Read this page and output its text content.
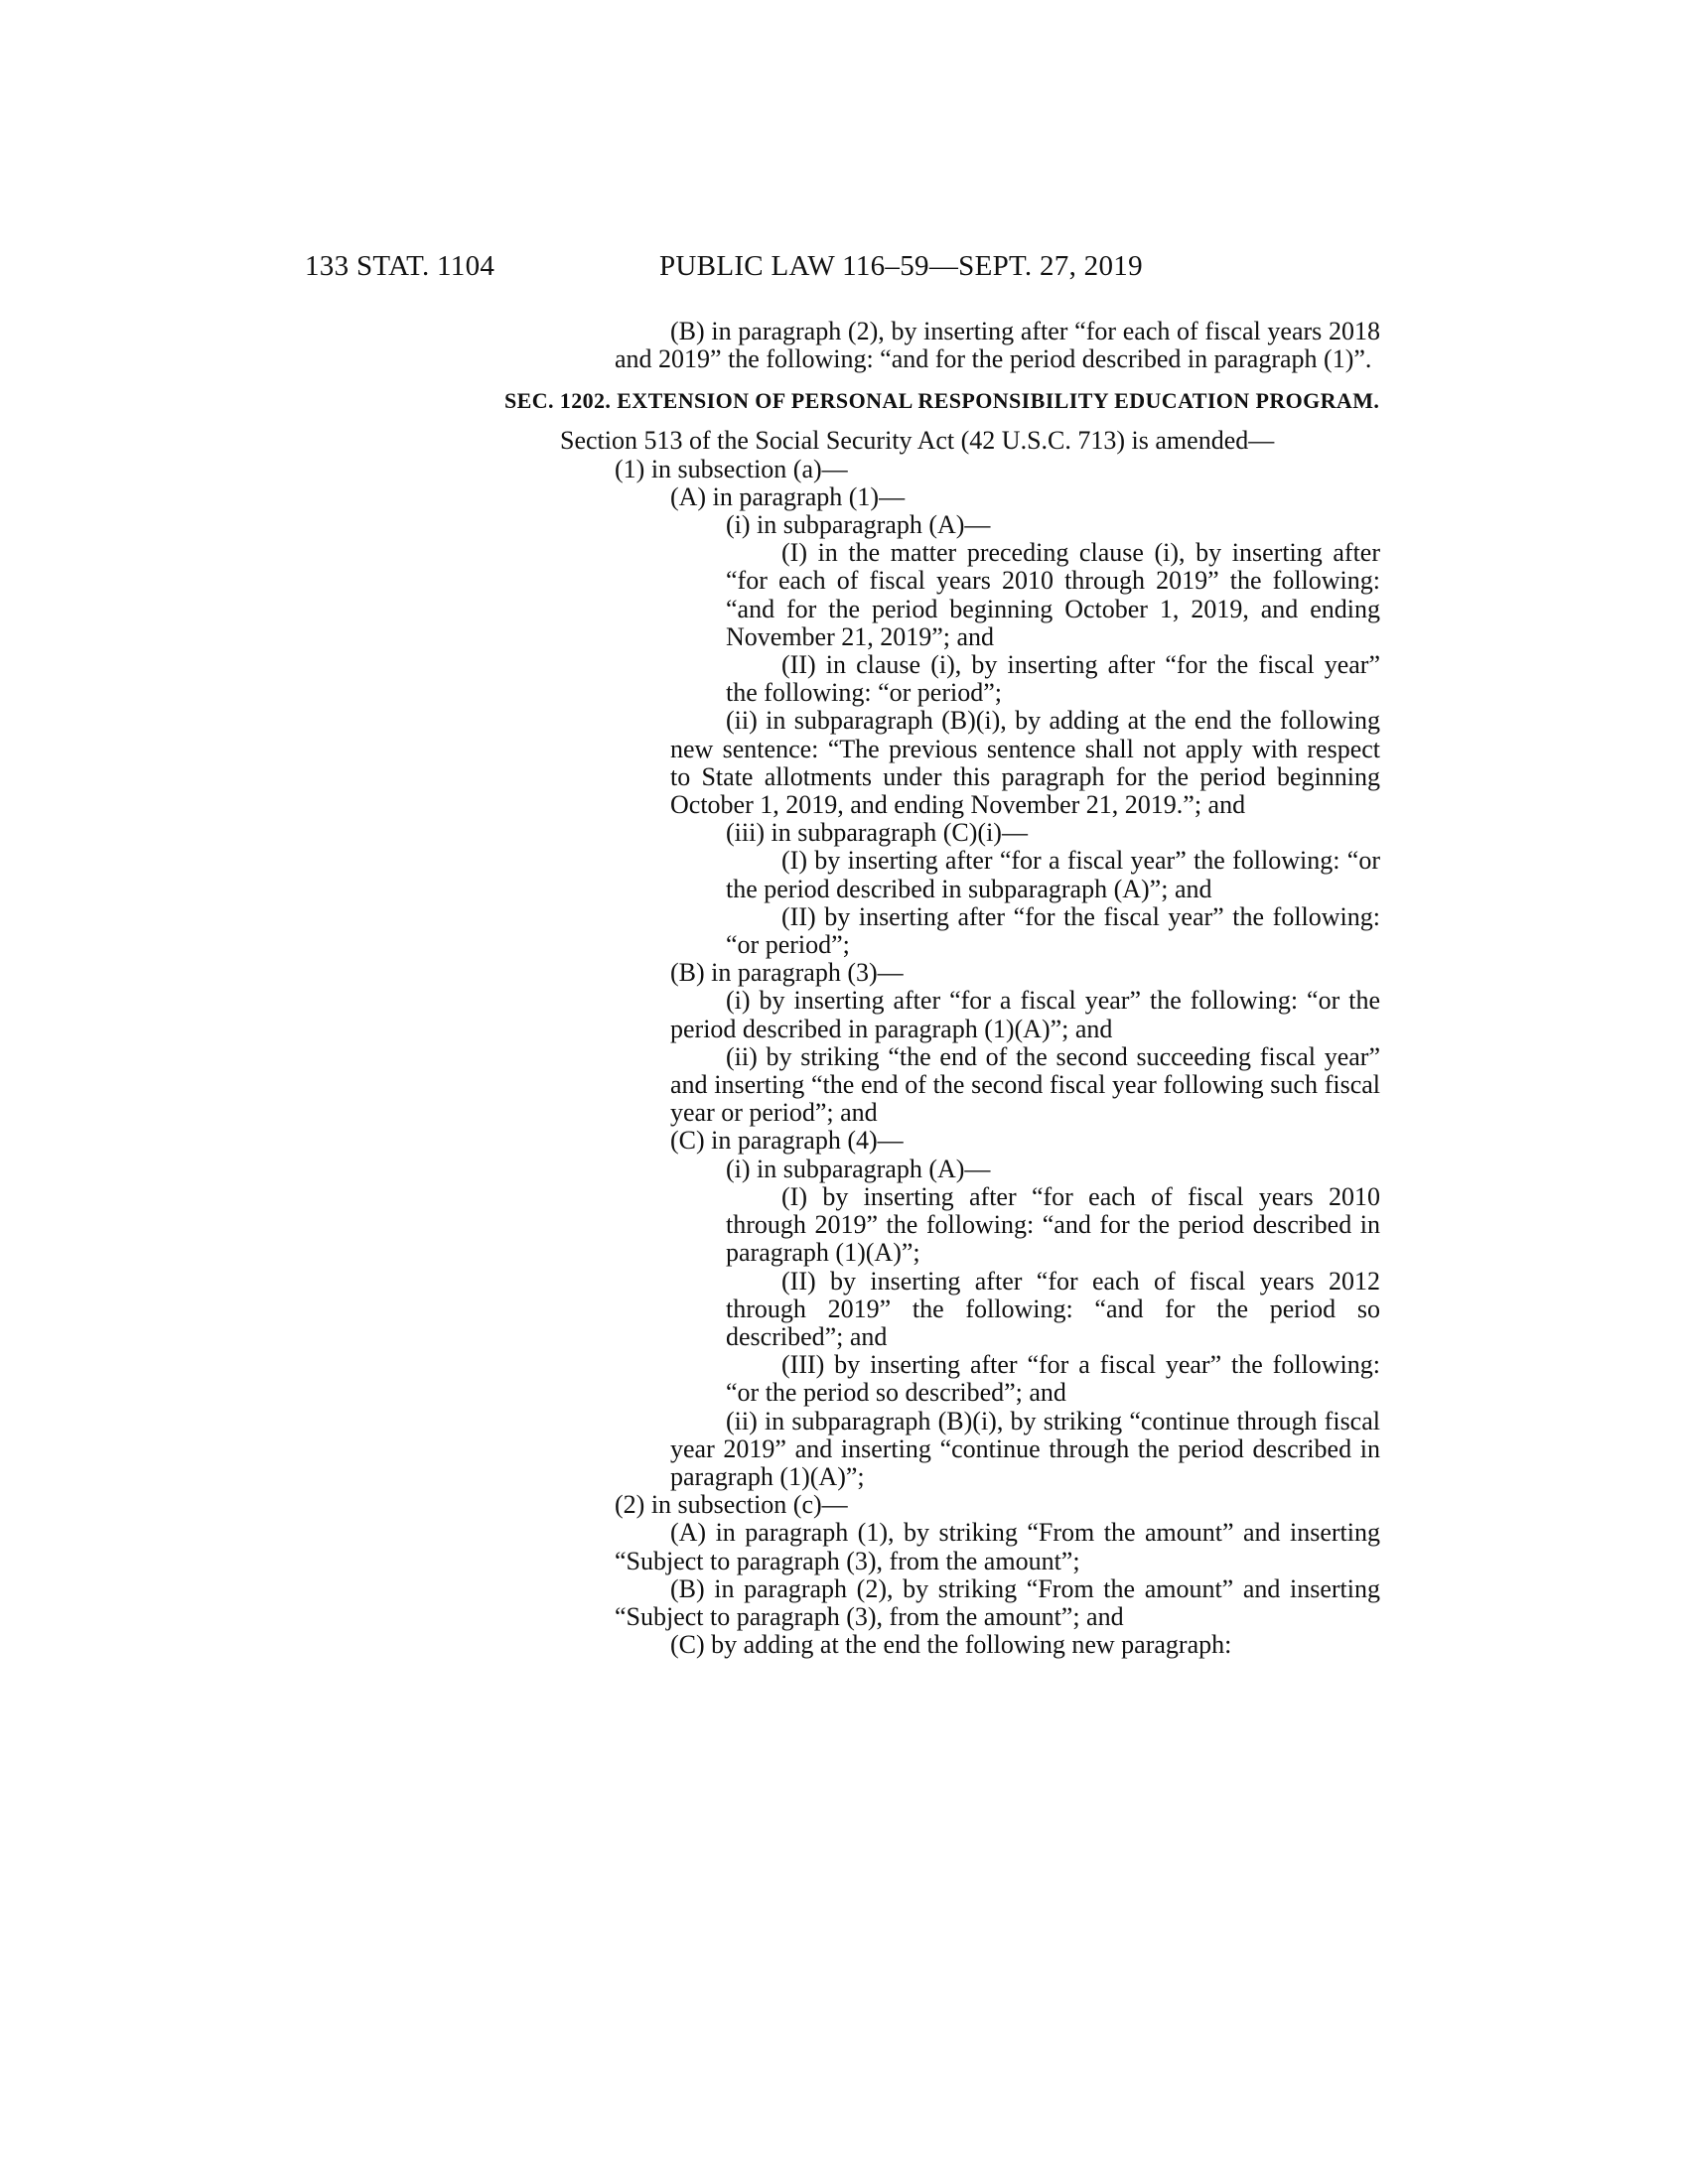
133 STAT. 1104	PUBLIC LAW 116–59—SEPT. 27, 2019

(B) in paragraph (2), by inserting after “for each of fiscal years 2018 and 2019” the following: “and for the period described in paragraph (1)”.

SEC. 1202. EXTENSION OF PERSONAL RESPONSIBILITY EDUCATION PROGRAM.

Section 513 of the Social Security Act (42 U.S.C. 713) is amended—

(1) in subsection (a)—

(A) in paragraph (1)—

(i) in subparagraph (A)—

(I) in the matter preceding clause (i), by inserting after “for each of fiscal years 2010 through 2019” the following: “and for the period beginning October 1, 2019, and ending November 21, 2019”; and

(II) in clause (i), by inserting after “for the fiscal year” the following: “or period”;

(ii) in subparagraph (B)(i), by adding at the end the following new sentence: “The previous sentence shall not apply with respect to State allotments under this paragraph for the period beginning October 1, 2019, and ending November 21, 2019.”; and

(iii) in subparagraph (C)(i)—

(I) by inserting after “for a fiscal year” the following: “or the period described in subparagraph (A)”; and

(II) by inserting after “for the fiscal year” the following: “or period”;

(B) in paragraph (3)—

(i) by inserting after “for a fiscal year” the following: “or the period described in paragraph (1)(A)”; and

(ii) by striking “the end of the second succeeding fiscal year” and inserting “the end of the second fiscal year following such fiscal year or period”; and

(C) in paragraph (4)—

(i) in subparagraph (A)—

(I) by inserting after “for each of fiscal years 2010 through 2019” the following: “and for the period described in paragraph (1)(A)”;

(II) by inserting after “for each of fiscal years 2012 through 2019” the following: “and for the period so described”; and

(III) by inserting after “for a fiscal year” the following: “or the period so described”; and

(ii) in subparagraph (B)(i), by striking “continue through fiscal year 2019” and inserting “continue through the period described in paragraph (1)(A)”;

(2) in subsection (c)—

(A) in paragraph (1), by striking “From the amount” and inserting “Subject to paragraph (3), from the amount”;

(B) in paragraph (2), by striking “From the amount” and inserting “Subject to paragraph (3), from the amount”; and

(C) by adding at the end the following new paragraph:
